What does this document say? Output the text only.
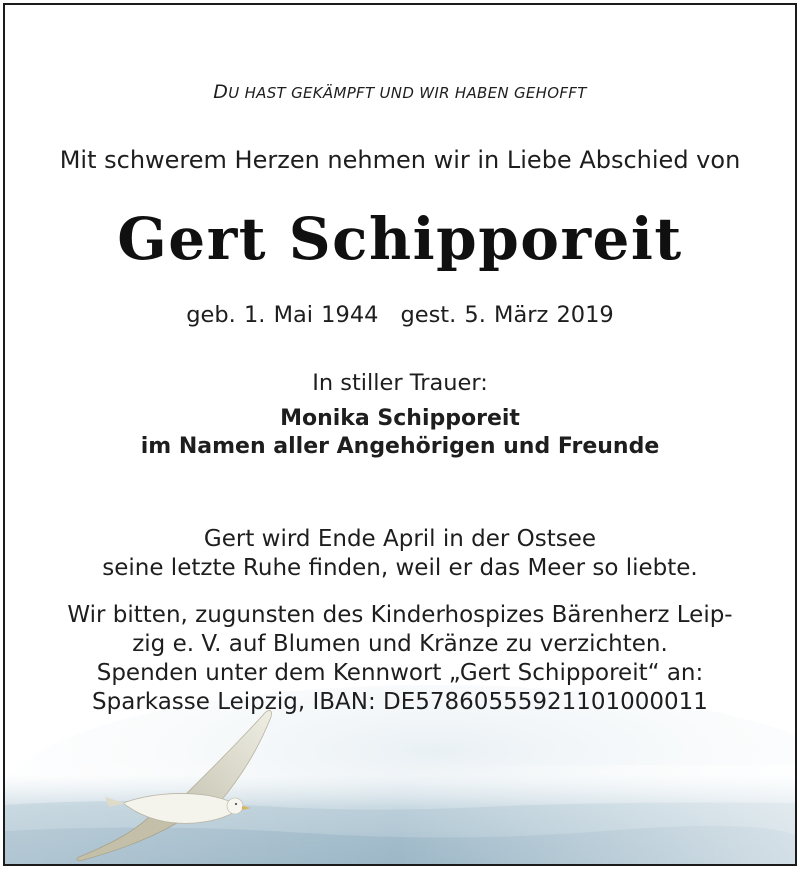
DU HAST GEKÄMPFT UND WIR HABEN GEHOFFT
Mit schwerem Herzen nehmen wir in Liebe Abschied von
Gert Schipporeit
geb. 1. Mai 1944 gest. 5. März 2019
In stiller Trauer:
Monika Schipporeit
im Namen aller Angehörigen und Freunde
Gert wird Ende April in der Ostsee
seine letzte Ruhe finden, weil er das Meer so liebte.
Wir bitten, zugunsten des Kinderhospizes Bärenherz Leip-
zig e. V. auf Blumen und Kränze zu verzichten.
Spenden unter dem Kennwort „Gert Schipporeit“ an:
Sparkasse Leipzig, IBAN: DE57860555921101000011
